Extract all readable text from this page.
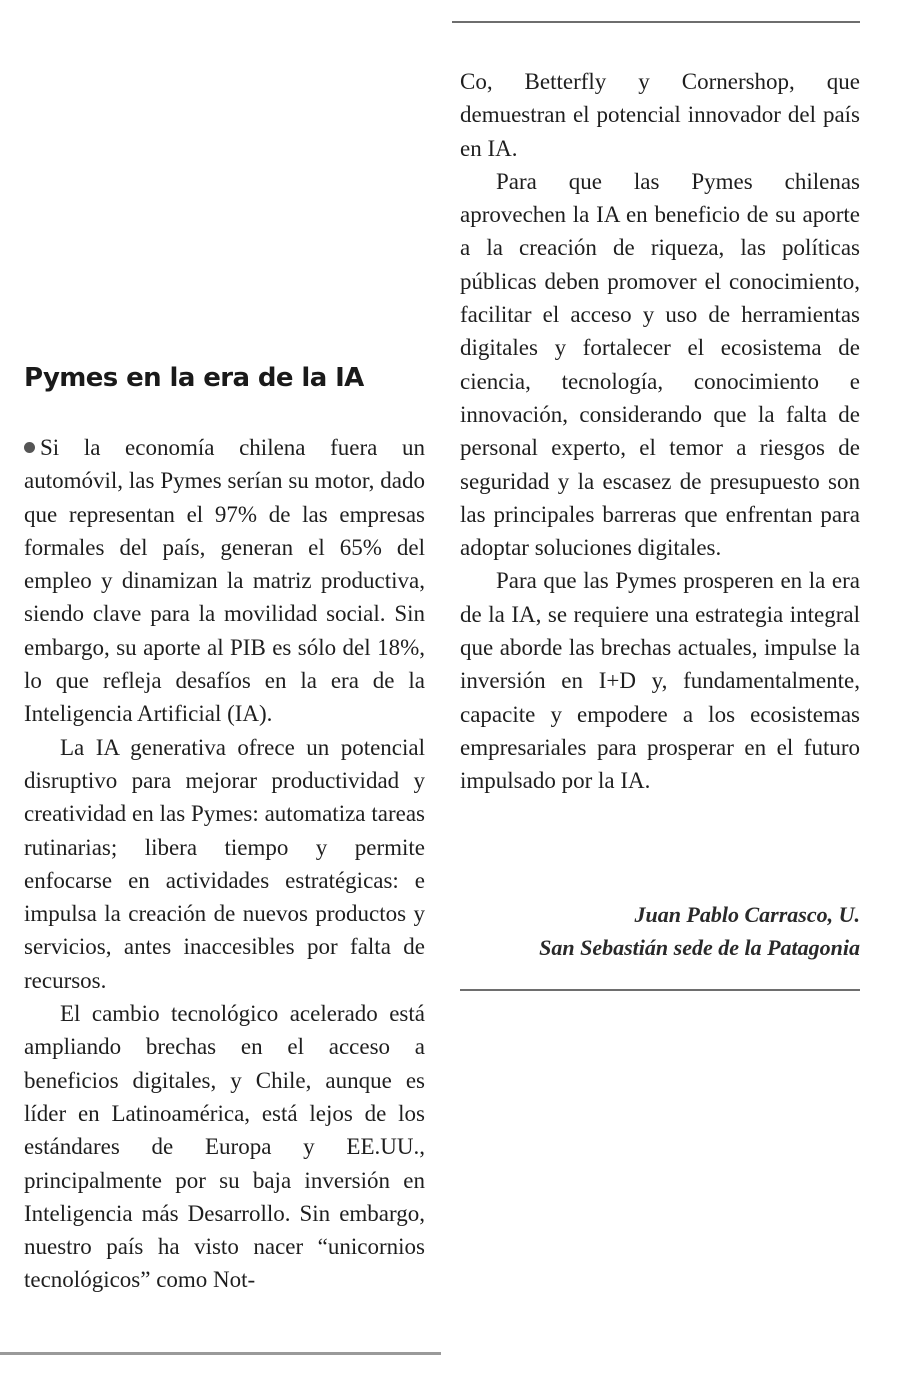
Pymes en la era de la IA

Si la economía chilena fuera un automóvil, las Pymes serían su motor, dado que representan el 97% de las empresas formales del país, generan el 65% del empleo y dinamizan la matriz productiva, siendo clave para la movilidad social. Sin embargo, su aporte al PIB es sólo del 18%, lo que refleja desafíos en la era de la Inteligencia Artificial (IA).

La IA generativa ofrece un potencial disruptivo para mejorar productividad y creatividad en las Pymes: automatiza tareas rutinarias; libera tiempo y permite enfocarse en actividades estratégicas: e impulsa la creación de nuevos productos y servicios, antes inaccesibles por falta de recursos.

El cambio tecnológico acelerado está ampliando brechas en el acceso a beneficios digitales, y Chile, aunque es líder en Latinoamérica, está lejos de los estándares de Europa y EE.UU., principalmente por su baja inversión en Inteligencia más Desarrollo. Sin embargo, nuestro país ha visto nacer “unicornios tecnológicos” como Not-

Co, Betterfly y Cornershop, que demuestran el potencial innovador del país en IA.

Para que las Pymes chilenas aprovechen la IA en beneficio de su aporte a la creación de riqueza, las políticas públicas deben promover el conocimiento, facilitar el acceso y uso de herramientas digitales y fortalecer el ecosistema de ciencia, tecnología, conocimiento e innovación, considerando que la falta de personal experto, el temor a riesgos de seguridad y la escasez de presupuesto son las principales barreras que enfrentan para adoptar soluciones digitales.

Para que las Pymes prosperen en la era de la IA, se requiere una estrategia integral que aborde las brechas actuales, impulse la inversión en I+D y, fundamentalmente, capacite y empodere a los ecosistemas empresariales para prosperar en el futuro impulsado por la IA.

Juan Pablo Carrasco, U.
San Sebastián sede de la Patagonia
